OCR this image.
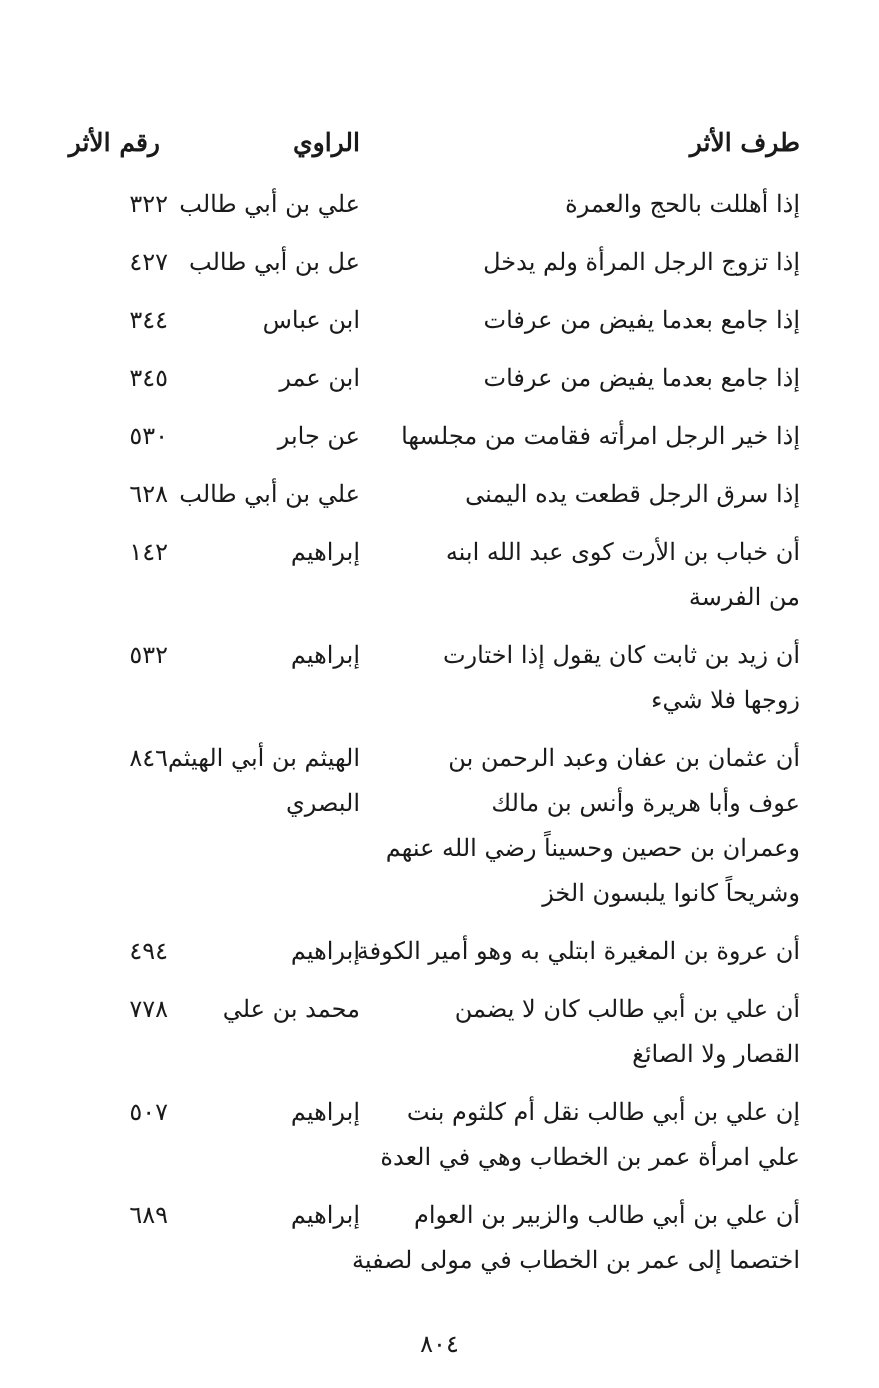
طرف الأثر
الراوي
رقم الأثر
إذا أهللت بالحج والعمرة
علي بن أبي طالب
٣٢٢
إذا تزوج الرجل المرأة ولم يدخل
عل بن أبي طالب
٤٢٧
إذا جامع بعدما يفيض من عرفات
ابن عباس
٣٤٤
إذا جامع بعدما يفيض من عرفات
ابن عمر
٣٤٥
إذا خير الرجل امرأته فقامت من مجلسها
عن جابر
٥٣٠
إذا سرق الرجل قطعت يده اليمنى
علي بن أبي طالب
٦٢٨
أن خباب بن الأرت كوى عبد الله ابنه
من الفرسة
إبراهيم
١٤٢
أن زيد بن ثابت كان يقول إذا اختارت
زوجها فلا شيء
إبراهيم
٥٣٢
أن عثمان بن عفان وعبد الرحمن بن
عوف وأبا هريرة وأنس بن مالك
وعمران بن حصين وحسيناً رضي الله عنهم
وشريحاً كانوا يلبسون الخز
الهيثم بن أبي الهيثم
البصري
٨٤٦
أن عروة بن المغيرة ابتلي به وهو أمير الكوفة
إبراهيم
٤٩٤
أن علي بن أبي طالب كان لا يضمن
القصار ولا الصائغ
محمد بن علي
٧٧٨
إن علي بن أبي طالب نقل أم كلثوم بنت
علي امرأة عمر بن الخطاب وهي في العدة
إبراهيم
٥٠٧
أن علي بن أبي طالب والزبير بن العوام
اختصما إلى عمر بن الخطاب في مولى لصفية
إبراهيم
٦٨٩
٨٠٤
